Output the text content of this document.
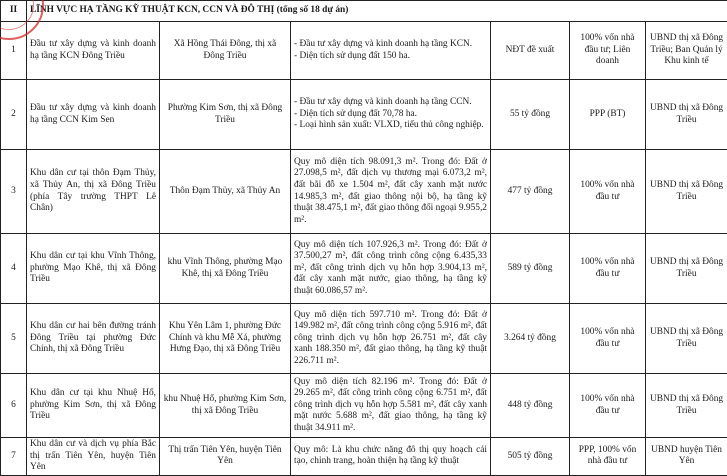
II	LĨNH VỰC HẠ TẦNG KỸ THUẬT KCN, CCN VÀ ĐÔ THỊ (tổng số 18 dự án)					
1	Đầu tư xây dựng và kinh doanh hạ tầng KCN Đông Triều	Xã Hồng Thái Đông, thị xã Đông Triều	- Đầu tư xây dựng và kinh doanh hạ tầng KCN.
- Diện tích sử dụng đất 150 ha.	NĐT đề xuất	100% vốn nhà đầu tư; Liên doanh	UBND thị xã Đông Triều; Ban Quản lý Khu kinh tế
2	Đầu tư xây dựng và kinh doanh hạ tầng CCN Kim Sen	Phường Kim Sơn, thị xã Đông Triều	- Đầu tư xây dựng và kinh doanh hạ tầng CCN.
- Diện tích sử dụng đất 70,78 ha.
- Loại hình sản xuất: VLXD, tiểu thủ công nghiệp.	55 tỷ đồng	PPP (BT)	UBND thị xã Đông Triều
3	Khu dân cư tại thôn Đạm Thủy, xã Thủy An, thị xã Đông Triều (phía Tây trường THPT Lê Chân)	Thôn Đạm Thủy, xã Thủy An	Quy mô diện tích 98.091,3 m². Trong đó: Đất ở 27.098,5 m², đất dịch vụ thương mại 6.073,2 m², đất bãi đỗ xe 1.504 m², đất cây xanh mặt nước 14.985,3 m², đất giao thông nội bộ, hạ tầng kỹ thuật 38.475,1 m², đất giao thông đối ngoại 9.955,2 m².	477 tỷ đồng	100% vốn nhà đầu tư	UBND thị xã Đông Triều
4	Khu dân cư tại khu Vĩnh Thông, phường Mạo Khê, thị xã Đông Triều	khu Vĩnh Thông, phường Mạo Khê, thị xã Đông Triều	Quy mô diện tích 107.926,3 m². Trong đó: Đất ở 37.500,27 m², đất công trình công cộng 6.435,33 m², đất công trình dịch vụ hỗn hợp 3.904,13 m², đất cây xanh mặt nước, giao thông, hạ tầng kỹ thuật 60.086,57 m².	589 tỷ đồng	100% vốn nhà đầu tư	UBND thị xã Đông Triều
5	Khu dân cư hai bên đường tránh Đông Triều tại phường Đức Chính, thị xã Đông Triều	Khu Yên Lâm 1, phường Đức Chính và khu Mễ Xá, phường Hưng Đạo, thị xã Đông Triều	Quy mô diện tích 597.710 m². Trong đó: Đất ở 149.982 m², đất công trình công cộng 5.916 m², đất công trình dịch vụ hỗn hợp 26.751 m², đất cây xanh 188.350 m², đất giao thông, hạ tầng kỹ thuật 226.711 m².	3.264 tỷ đồng	100% vốn nhà đầu tư	UBND thị xã Đông Triều
6	Khu dân cư tại khu Nhuệ Hổ, phường Kim Sơn, thị xã Đông Triều	khu Nhuệ Hổ, phường Kim Sơn, thị xã Đông Triều	Quy mô diện tích 82.196 m². Trong đó: Đất ở 29.265 m², đất công trình công cộng 6.751 m², đất công trình dịch vụ hỗn hợp 5.581 m², đất cây xanh mặt nước 5.688 m², đất giao thông, hạ tầng kỹ thuật 34.911 m².	448 tỷ đồng	100% vốn nhà đầu tư	UBND thị xã Đông Triều
7	Khu dân cư và dịch vụ phía Bắc thị trấn Tiên Yên, huyện Tiên Yên	Thị trấn Tiên Yên, huyện Tiên Yên	Quy mô: Là khu chức năng đô thị quy hoạch cải tạo, chỉnh trang, hoàn thiện hạ tầng kỹ thuật	505 tỷ đồng	PPP, 100% vốn nhà đầu tư	UBND huyện Tiên Yên
